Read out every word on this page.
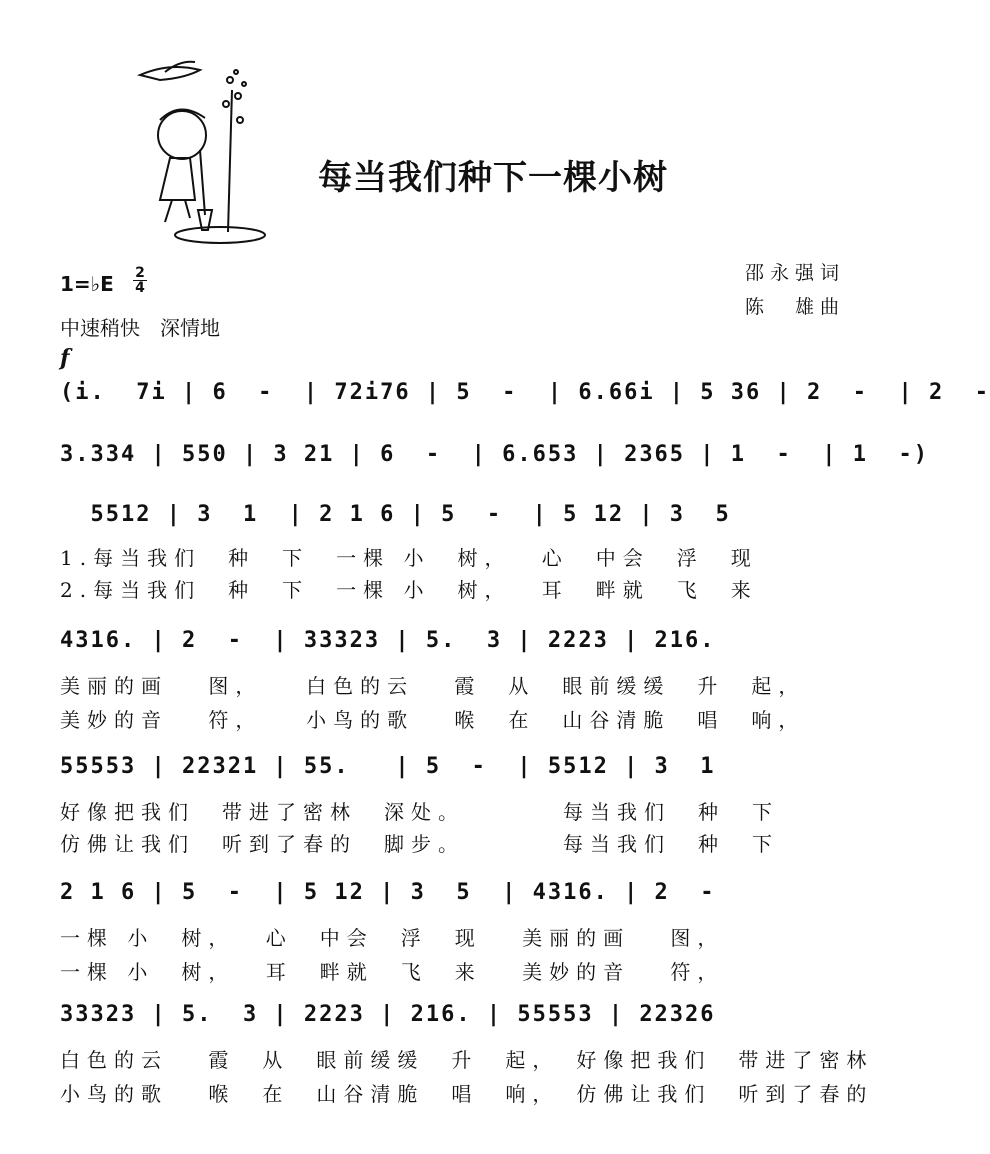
每当我们种下一棵小树
邵永强词
陈　雄曲
1=♭E 2
4
中速稍快　深情地
f
(i.  7i | 6  -  | 72i76 | 5  -  | 6.66i | 5 36 | 2  -  | 2  -
3.334 | 550 | 3 21 | 6  -  | 6.653 | 2365 | 1  -  | 1  -)
5512 | 3  1  | 2 1 6 | 5  -  | 5 12 | 3  5
1.每当我们　种　下　一棵 小　树，　 心　中会　浮　现
2.每当我们　种　下　一棵 小　树，　 耳　畔就　飞　来
4316. | 2  -  | 33323 | 5.  3 | 2223 | 216.
美丽的画　 图，　  白色的云　 霞　从　眼前缓缓　升　起，
美妙的音　 符，　  小鸟的歌　 喉　在　山谷清脆　唱　响，
55553 | 22321 | 55.   | 5  -  | 5512 | 3  1
好像把我们　带进了密林　深处。　　　　每当我们　种　下
仿佛让我们　听到了春的　脚步。　　　　每当我们　种　下
2 1 6 | 5  -  | 5 12 | 3  5  | 4316. | 2  -
一棵 小　树，　 心　中会　浮　现　 美丽的画　 图，
一棵 小　树，　 耳　畔就　飞　来　 美妙的音　 符，
33323 | 5.  3 | 2223 | 216. | 55553 | 22326
白色的云　 霞　从　眼前缓缓　升　起，　好像把我们　带进了密林
小鸟的歌　 喉　在　山谷清脆　唱　响，　仿佛让我们　听到了春的
